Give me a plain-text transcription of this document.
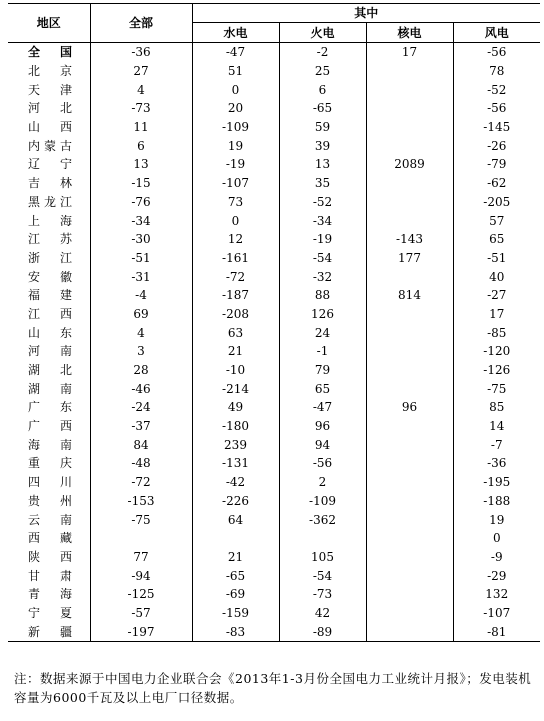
地区	全部	其中			
		水电	火电	核电	风电
全 国	-36	-47	-2	17	-56
北 京	27	51	25		78
天 津	4	0	6		-52
河 北	-73	20	-65		-56
山 西	11	-109	59		-145
内蒙古	6	19	39		-26
辽 宁	13	-19	13	2089	-79
吉 林	-15	-107	35		-62
黑龙江	-76	73	-52		-205
上 海	-34	0	-34		57
江 苏	-30	12	-19	-143	65
浙 江	-51	-161	-54	177	-51
安 徽	-31	-72	-32		40
福 建	-4	-187	88	814	-27
江 西	69	-208	126		17
山 东	4	63	24		-85
河 南	3	21	-1		-120
湖 北	28	-10	79		-126
湖 南	-46	-214	65		-75
广 东	-24	49	-47	96	85
广 西	-37	-180	96		14
海 南	84	239	94		-7
重 庆	-48	-131	-56		-36
四 川	-72	-42	2		-195
贵 州	-153	-226	-109		-188
云 南	-75	64	-362		19
西 藏					0
陕 西	77	21	105		-9
甘 肃	-94	-65	-54		-29
青 海	-125	-69	-73		132
宁 夏	-57	-159	42		-107
新 疆	-197	-83	-89		-81
注：数据来源于中国电力企业联合会《2013年1-3月份全国电力工业统计月报》；发电装机容量为6000千瓦及以上电厂口径数据。
